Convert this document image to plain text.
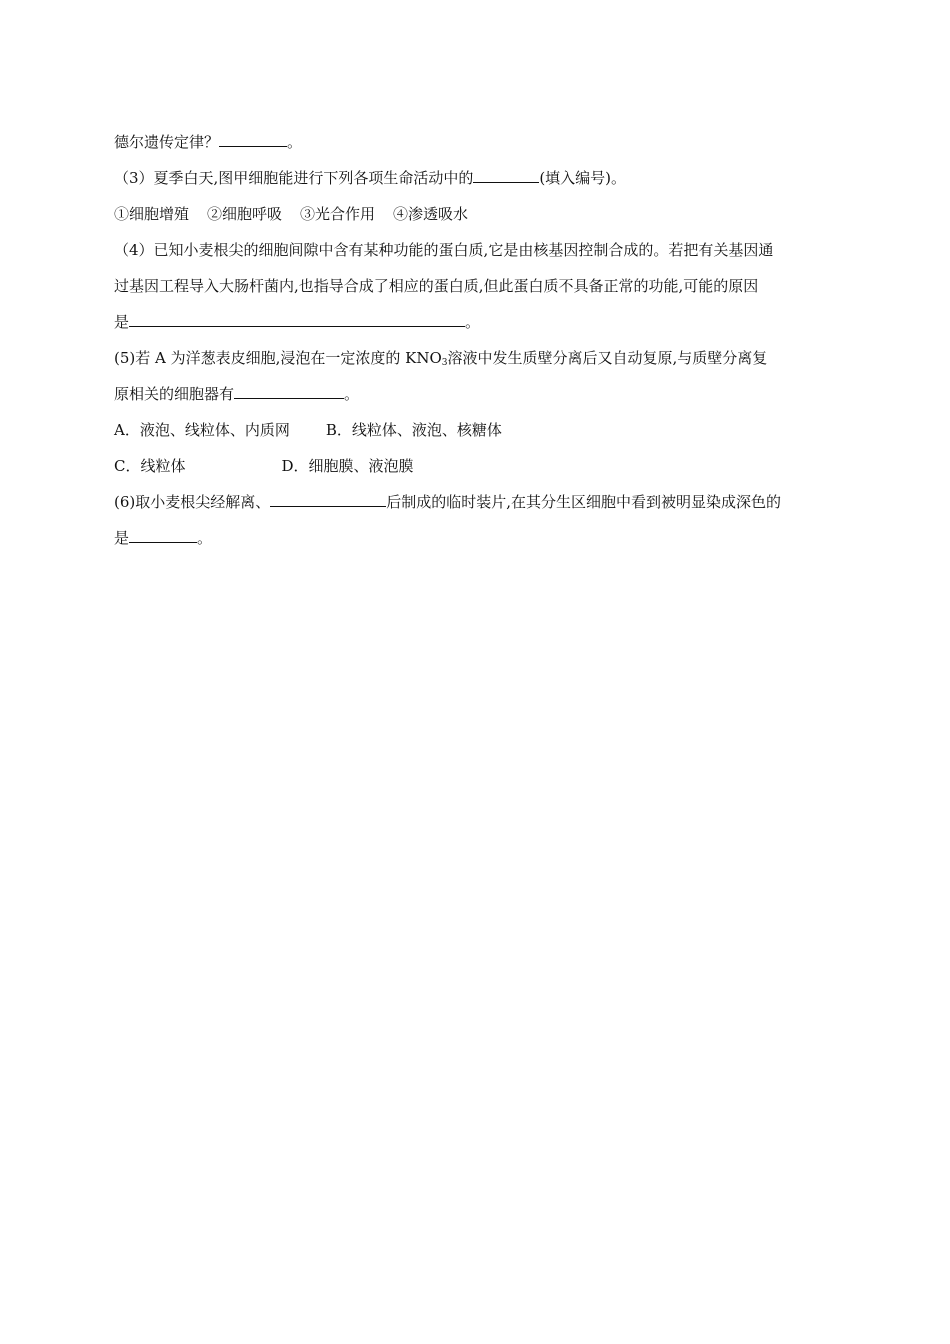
德尔遗传定律？	。
（3）夏季白天,图甲细胞能进行下列各项生命活动中的	(填入编号)。
①细胞增殖 ②细胞呼吸 ③光合作用 ④渗透吸水
（4）已知小麦根尖的细胞间隙中含有某种功能的蛋白质,它是由核基因控制合成的。若把有关基因通
过基因工程导入大肠杆菌内,也指导合成了相应的蛋白质,但此蛋白质不具备正常的功能,可能的原因
是	。
(5)若 A 为洋葱表皮细胞,浸泡在一定浓度的 $KNO_3$溶液中发生质壁分离后又自动复原,与质壁分离复
原相关的细胞器有	。
A．液泡、线粒体、内质网 B．线粒体、液泡、核糖体
C．线粒体	D．细胞膜、液泡膜
(6)取小麦根尖经解离、	后制成的临时装片,在其分生区细胞中看到被明显染成深色的
是	。
